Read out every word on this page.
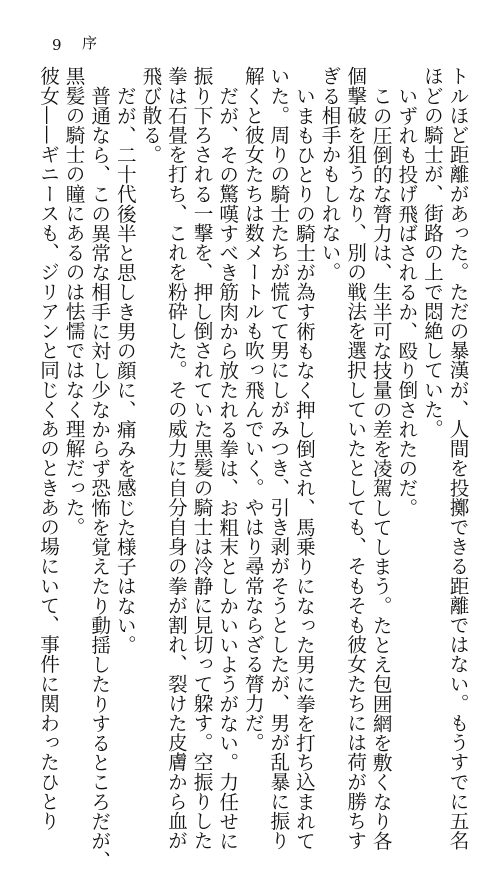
9 序

トルほど距離があった。ただの暴漢が、人間を投擲できる距離ではない。もうすでに五名

ほどの騎士が、街路の上で悶絶していた。

いずれも投げ飛ばされるか、殴り倒されたのだ。

この圧倒的な膂力は、生半可な技量の差を凌駕してしまう。たとえ包囲網を敷くなり各

個撃破を狙うなり、別の戦法を選択していたとしても、そもそも彼女たちには荷が勝ちす

ぎる相手かもしれない。

いまもひとりの騎士が為す術もなく押し倒され、馬乗りになった男に拳を打ち込まれて

いた。周りの騎士たちが慌てて男にしがみつき、引き剥がそうとしたが、男が乱暴に振り

解くと彼女たちは数メートルも吹っ飛んでいく。やはり尋常ならざる膂力だ。

だが、その驚嘆すべき筋肉から放たれる拳は、お粗末としかいいようがない。力任せに

振り下ろされる一撃を、押し倒されていた黒髪の騎士は冷静に見切って躱す。空振りした

拳は石畳を打ち、これを粉砕した。その威力に自分自身の拳が割れ、裂けた皮膚から血が

飛び散る。

だが、二十代後半と思しき男の顔に、痛みを感じた様子はない。

普通なら、この異常な相手に対し少なからず恐怖を覚えたり動揺したりするところだが、

黒髪の騎士の瞳にあるのは怯懦ではなく理解だった。

彼女——ギニースも、ジリアンと同じくあのときあの場にいて、事件に関わったひとり
